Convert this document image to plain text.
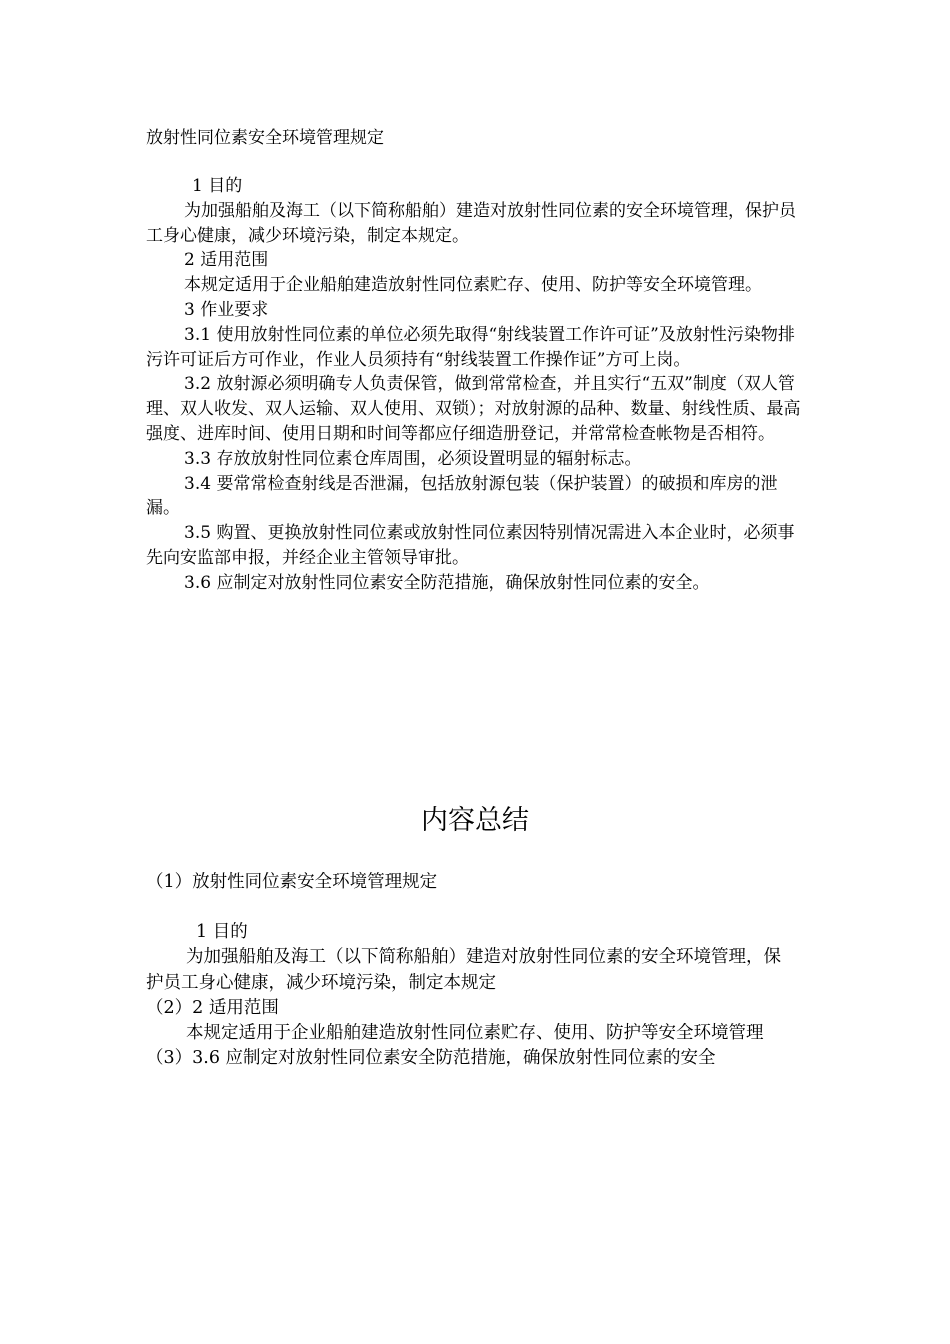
放射性同位素安全环境管理规定

1 目的

为加强船舶及海工（以下简称船舶）建造对放射性同位素的安全环境管理，保护员工身心健康，减少环境污染，制定本规定。

2 适用范围

本规定适用于企业船舶建造放射性同位素贮存、使用、防护等安全环境管理。

3 作业要求

3.1 使用放射性同位素的单位必须先取得“射线装置工作许可证”及放射性污染物排污许可证后方可作业，作业人员须持有“射线装置工作操作证”方可上岗。

3.2 放射源必须明确专人负责保管，做到常常检查，并且实行“五双”制度（双人管理、双人收发、双人运输、双人使用、双锁）；对放射源的品种、数量、射线性质、最高强度、进库时间、使用日期和时间等都应仔细造册登记，并常常检查帐物是否相符。

3.3 存放放射性同位素仓库周围，必须设置明显的辐射标志。

3.4 要常常检查射线是否泄漏，包括放射源包装（保护装置）的破损和库房的泄漏。

3.5 购置、更换放射性同位素或放射性同位素因特别情况需进入本企业时，必须事先向安监部申报，并经企业主管领导审批。

3.6 应制定对放射性同位素安全防范措施，确保放射性同位素的安全。

内容总结

（1）放射性同位素安全环境管理规定

1 目的

为加强船舶及海工（以下简称船舶）建造对放射性同位素的安全环境管理，保护员工身心健康，减少环境污染，制定本规定

（2）2 适用范围

本规定适用于企业船舶建造放射性同位素贮存、使用、防护等安全环境管理

（3）3.6 应制定对放射性同位素安全防范措施，确保放射性同位素的安全
